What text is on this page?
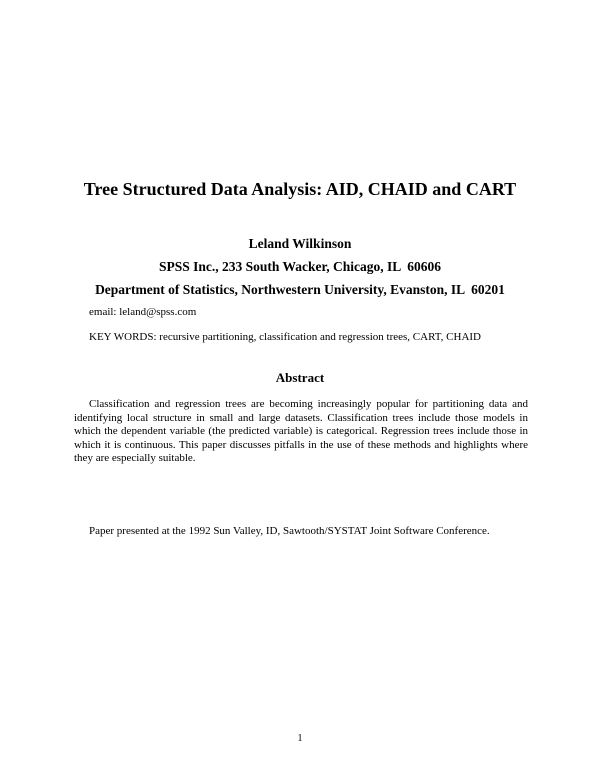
Tree Structured Data Analysis: AID, CHAID and CART
Leland Wilkinson
SPSS Inc., 233 South Wacker, Chicago, IL  60606
Department of Statistics, Northwestern University, Evanston, IL  60201
email: leland@spss.com
KEY WORDS: recursive partitioning, classification and regression trees, CART, CHAID
Abstract

Classification and regression trees are becoming increasingly popular for partitioning data and identifying local structure in small and large datasets. Classification trees include those models in which the dependent variable (the predicted variable) is categorical. Regression trees include those in which it is continuous. This paper discusses pitfalls in the use of these methods and highlights where they are especially suitable.

Paper presented at the 1992 Sun Valley, ID, Sawtooth/SYSTAT Joint Software Conference.
1
